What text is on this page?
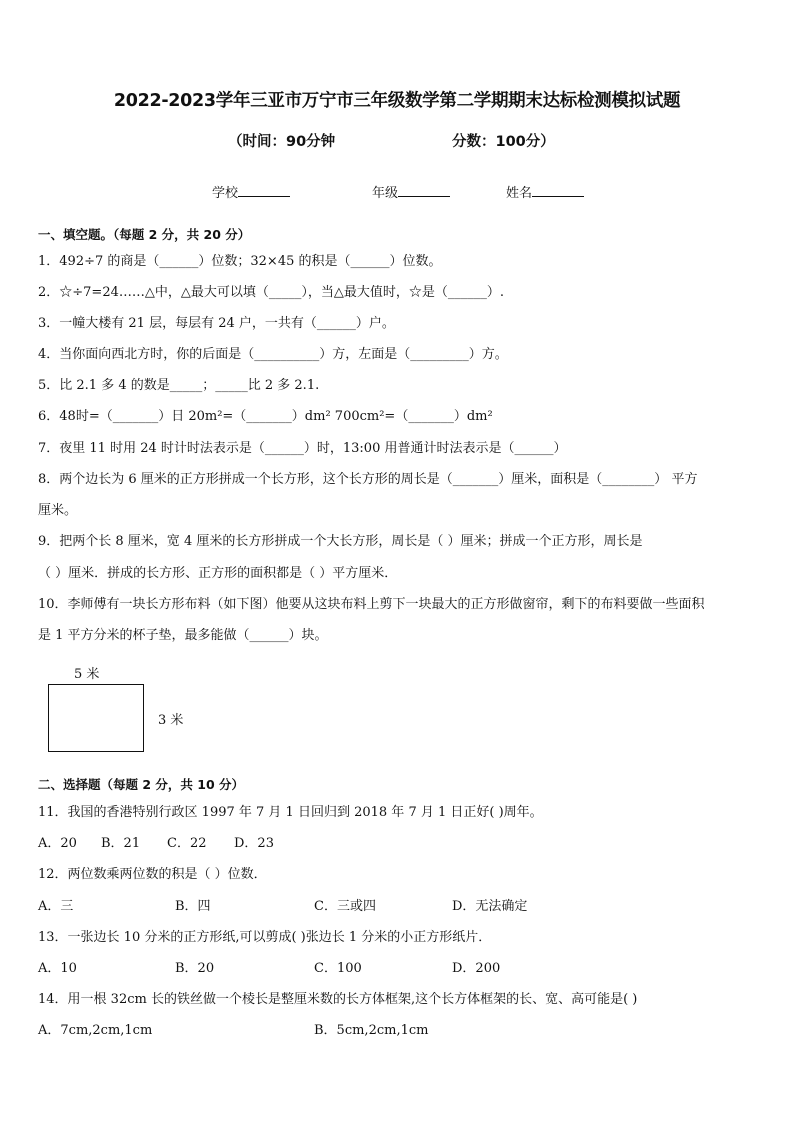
2022-2023学年三亚市万宁市三年级数学第二学期期末达标检测模拟试题
（时间：90分钟	分数：100分）
学校	年级	姓名
一、填空题。（每题 2 分，共 20 分）
1．492÷7 的商是（______）位数；32×45 的积是（______）位数。
2．☆÷7=24……△中，△最大可以填（_____），当△最大值时，☆是（______）.
3．一幢大楼有 21 层，每层有 24 户，一共有（______）户。
4．当你面向西北方时，你的后面是（__________）方，左面是（_________）方。
5．比 2.1 多 4 的数是_____；_____比 2 多 2.1.
6．48时=（_______）日 20m²=（_______）dm² 700cm²=（_______）dm²
7．夜里 11 时用 24 时计时法表示是（______）时，13:00 用普通计时法表示是（______）
8．两个边长为 6 厘米的正方形拼成一个长方形，这个长方形的周长是（_______）厘米，面积是（________） 平方
厘米。
9．把两个长 8 厘米，宽 4 厘米的长方形拼成一个大长方形，周长是（ ）厘米；拼成一个正方形，周长是
（ ）厘米．拼成的长方形、正方形的面积都是（ ）平方厘米．
10．李师傅有一块长方形布料（如下图）他要从这块布料上剪下一块最大的正方形做窗帘，剩下的布料要做一些面积
是 1 平方分米的杯子垫，最多能做（______）块。
5 米
3 米
二、选择题（每题 2 分，共 10 分）
11．我国的香港特别行政区 1997 年 7 月 1 日回归到 2018 年 7 月 1 日正好( )周年。
A．20 B．21 C．22 D．23
12．两位数乘两位数的积是（ ）位数．
A．三	B．四	C．三或四	D．无法确定
13．一张边长 10 分米的正方形纸,可以剪成( )张边长 1 分米的小正方形纸片．
A．10	B．20	C．100	D．200
14．用一根 32cm 长的铁丝做一个棱长是整厘米数的长方体框架,这个长方体框架的长、宽、高可能是( )
A．7cm,2cm,1cm	B．5cm,2cm,1cm
